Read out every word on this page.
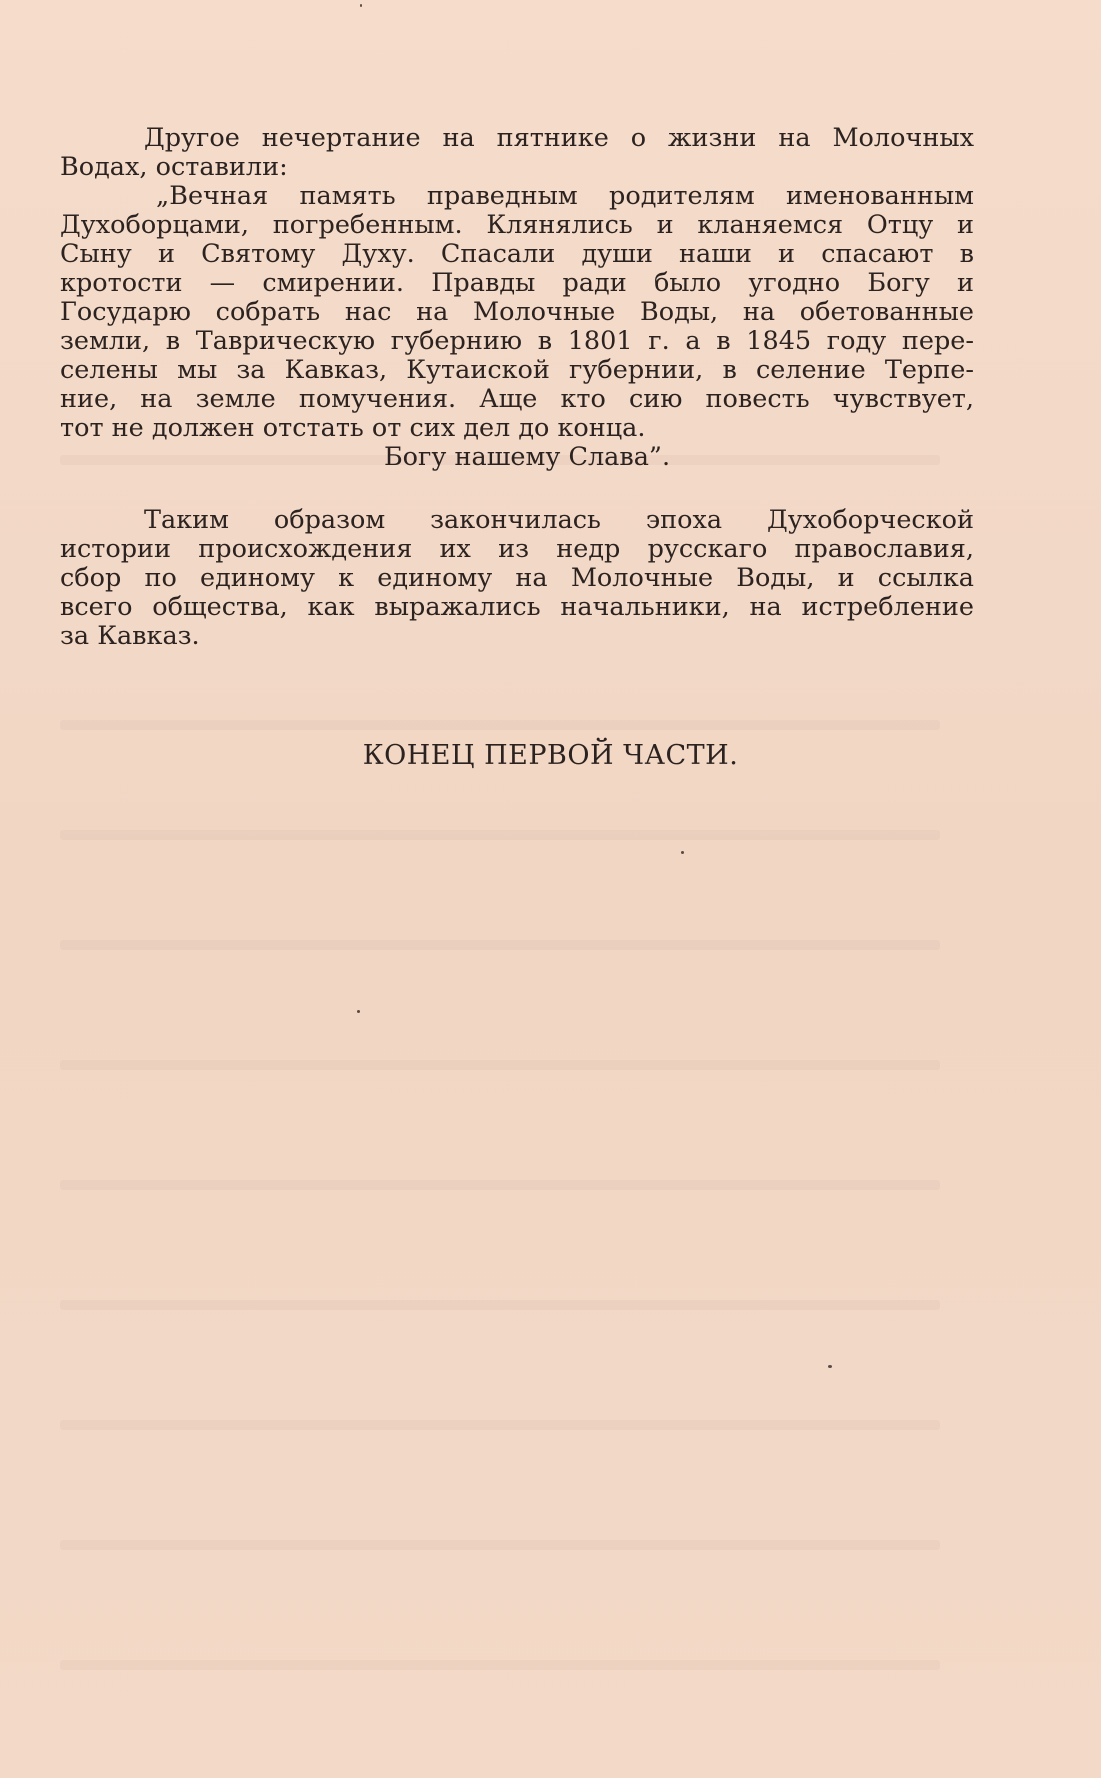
Другое нечертание на пятнике о жизни на Молочных
Водах, оставили:
„Вечная память праведным родителям именованным
Духоборцами, погребенным. Клянялись и кланяемся Отцу и
Сыну и Святому Духу. Спасали души наши и спасают в
кротости — смирении. Правды ради было угодно Богу и
Государю собрать нас на Молочные Воды, на обетованные
земли, в Таврическую губернию в 1801 г. а в 1845 году пере-
селены мы за Кавказ, Кутаиской губернии, в селение Терпе-
ние, на земле помучения. Аще кто сию повесть чувствует,
тот не должен отстать от сих дел до конца.
Богу нашему Слава”.
Таким образом закончилась эпоха Духоборческой
истории происхождения их из недр русскаго православия,
сбор по единому к единому на Молочные Воды, и ссылка
всего общества, как выражались начальники, на истребление
за Кавказ.
КОНЕЦ ПЕРВОЙ ЧАСТИ.
